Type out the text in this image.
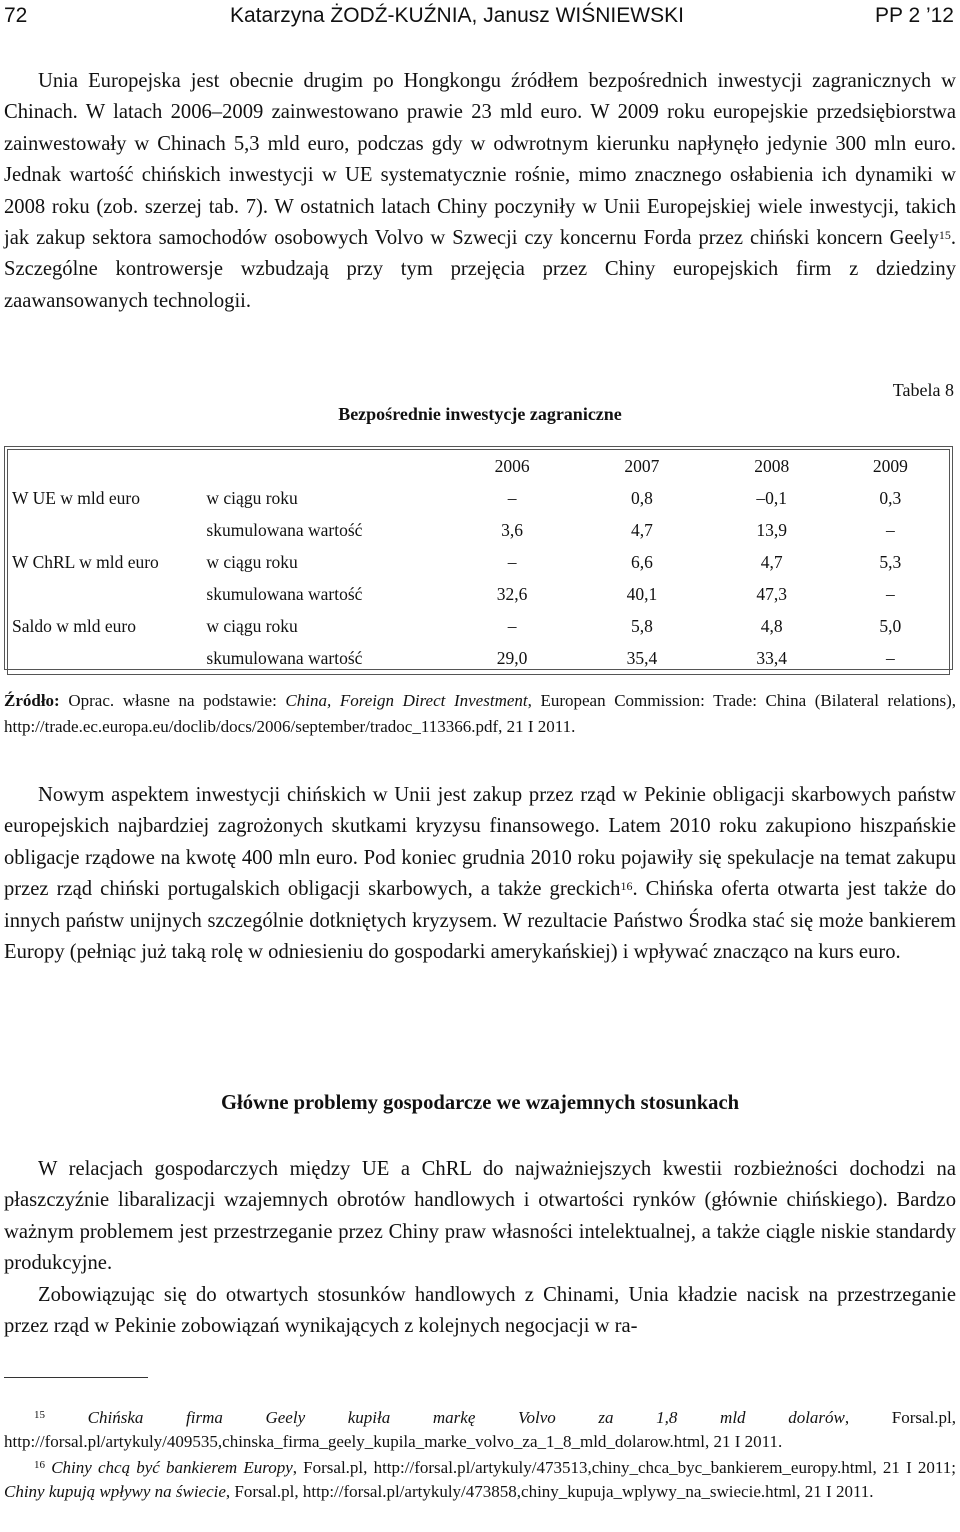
72	Katarzyna ŻODŹ-KUŹNIA, Janusz WIŚNIEWSKI	PP 2 ’12

Unia Europejska jest obecnie drugim po Hongkongu źródłem bezpośrednich inwestycji zagranicznych w Chinach. W latach 2006–2009 zainwestowano prawie 23 mld euro. W 2009 roku europejskie przedsiębiorstwa zainwestowały w Chinach 5,3 mld euro, podczas gdy w odwrotnym kierunku napłynęło jedynie 300 mln euro. Jednak wartość chińskich inwestycji w UE systematycznie rośnie, mimo znacznego osłabienia ich dynamiki w 2008 roku (zob. szerzej tab. 7). W ostatnich latach Chiny poczyniły w Unii Europejskiej wiele inwestycji, takich jak zakup sektora samochodów osobowych Volvo w Szwecji czy koncernu Forda przez chiński koncern Geely$^{15}$. Szczególne kontrowersje wzbudzają przy tym przejęcia przez Chiny europejskich firm z dziedziny zaawansowanych technologii.

Tabela 8
Bezpośrednie inwestycje zagraniczne
		2006	2007	2008	2009
W UE w mld euro	w ciągu roku	–	0,8	–0,1	0,3
	skumulowana wartość	3,6	4,7	13,9	–
W ChRL w mld euro	w ciągu roku	–	6,6	4,7	5,3
	skumulowana wartość	32,6	40,1	47,3	–
Saldo w mld euro	w ciągu roku	–	5,8	4,8	5,0
	skumulowana wartość	29,0	35,4	33,4	–

Źródło: Oprac. własne na podstawie: China, Foreign Direct Investment, European Commission: Trade: China (Bilateral relations), http://trade.ec.europa.eu/doclib/docs/2006/september/tradoc_113366.pdf, 21 I 2011.

Nowym aspektem inwestycji chińskich w Unii jest zakup przez rząd w Pekinie obligacji skarbowych państw europejskich najbardziej zagrożonych skutkami kryzysu finansowego. Latem 2010 roku zakupiono hiszpańskie obligacje rządowe na kwotę 400 mln euro. Pod koniec grudnia 2010 roku pojawiły się spekulacje na temat zakupu przez rząd chiński portugalskich obligacji skarbowych, a także greckich$^{16}$. Chińska oferta otwarta jest także do innych państw unijnych szczególnie dotkniętych kryzysem. W rezultacie Państwo Środka stać się może bankierem Europy (pełniąc już taką rolę w odniesieniu do gospodarki amerykańskiej) i wpływać znacząco na kurs euro.

Główne problemy gospodarcze we wzajemnych stosunkach

W relacjach gospodarczych między UE a ChRL do najważniejszych kwestii rozbieżności dochodzi na płaszczyźnie libaralizacji wzajemnych obrotów handlowych i otwartości rynków (głównie chińskiego). Bardzo ważnym problemem jest przestrzeganie przez Chiny praw własności intelektualnej, a także ciągle niskie standardy produkcyjne.

Zobowiązując się do otwartych stosunków handlowych z Chinami, Unia kładzie nacisk na przestrzeganie przez rząd w Pekinie zobowiązań wynikających z kolejnych negocjacji w ra-

$^{15}$	Chińska firma Geely kupiła markę Volvo za 1,8 mld dolarów, Forsal.pl, http://forsal.pl/artykuly/409535,chinska_firma_geely_kupila_marke_volvo_za_1_8_mld_dolarow.html, 21 I 2011.

$^{16}$ Chiny chcą być bankierem Europy, Forsal.pl, http://forsal.pl/artykuly/473513,chiny_chca_byc_bankierem_europy.html, 21 I 2011; Chiny kupują wpływy na świecie, Forsal.pl, http://forsal.pl/artykuly/473858,chiny_kupuja_wplywy_na_swiecie.html, 21 I 2011.
